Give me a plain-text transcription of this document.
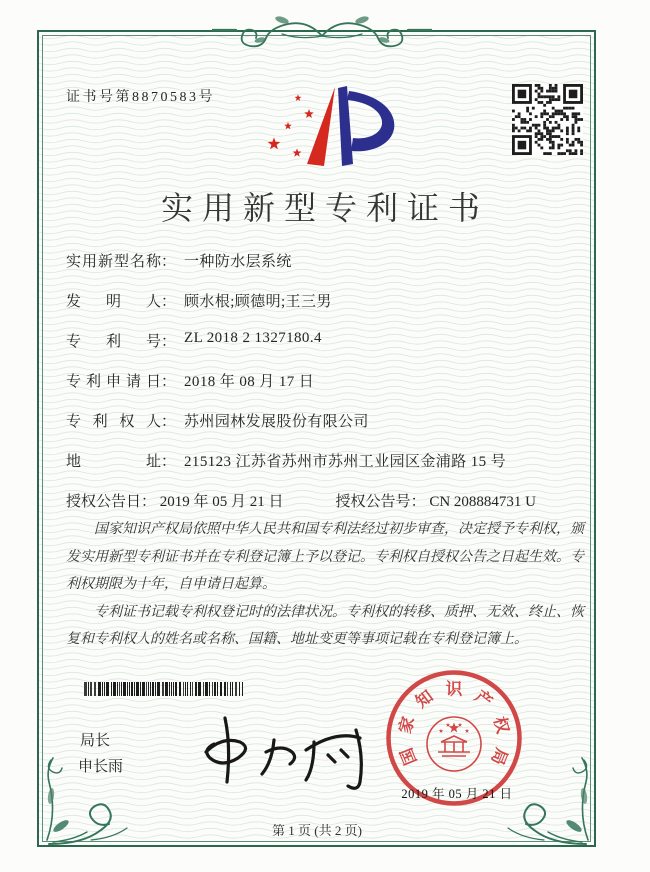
证书号第8870583号
实用新型专利证书
实用新型名称 ： 一种防水层系统
发明人 ： 顾水根;顾德明;王三男
专利号 ： ZL 2018 2 1327180.4
专利申请日 ： 2018 年 08 月 17 日
专利权人 ： 苏州园林发展股份有限公司
地址 ： 215123 江苏省苏州市苏州工业园区金浦路 15 号
授权公告日： 2019 年 05 月 21 日	授权公告号： CN 208884731 U

国家知识产权局依照中华人民共和国专利法经过初步审查，决定授予专利权，颁发实用新型专利证书并在专利登记簿上予以登记。专利权自授权公告之日起生效。专利权期限为十年，自申请日起算。

专利证书记载专利权登记时的法律状况。专利权的转移、质押、无效、终止、恢复和专利权人的姓名或名称、国籍、地址变更等事项记载在专利登记簿上。

局长
申长雨	国
家
知 识 产
权
局
2019 年 05 月 21 日
第 1 页 (共 2 页)
